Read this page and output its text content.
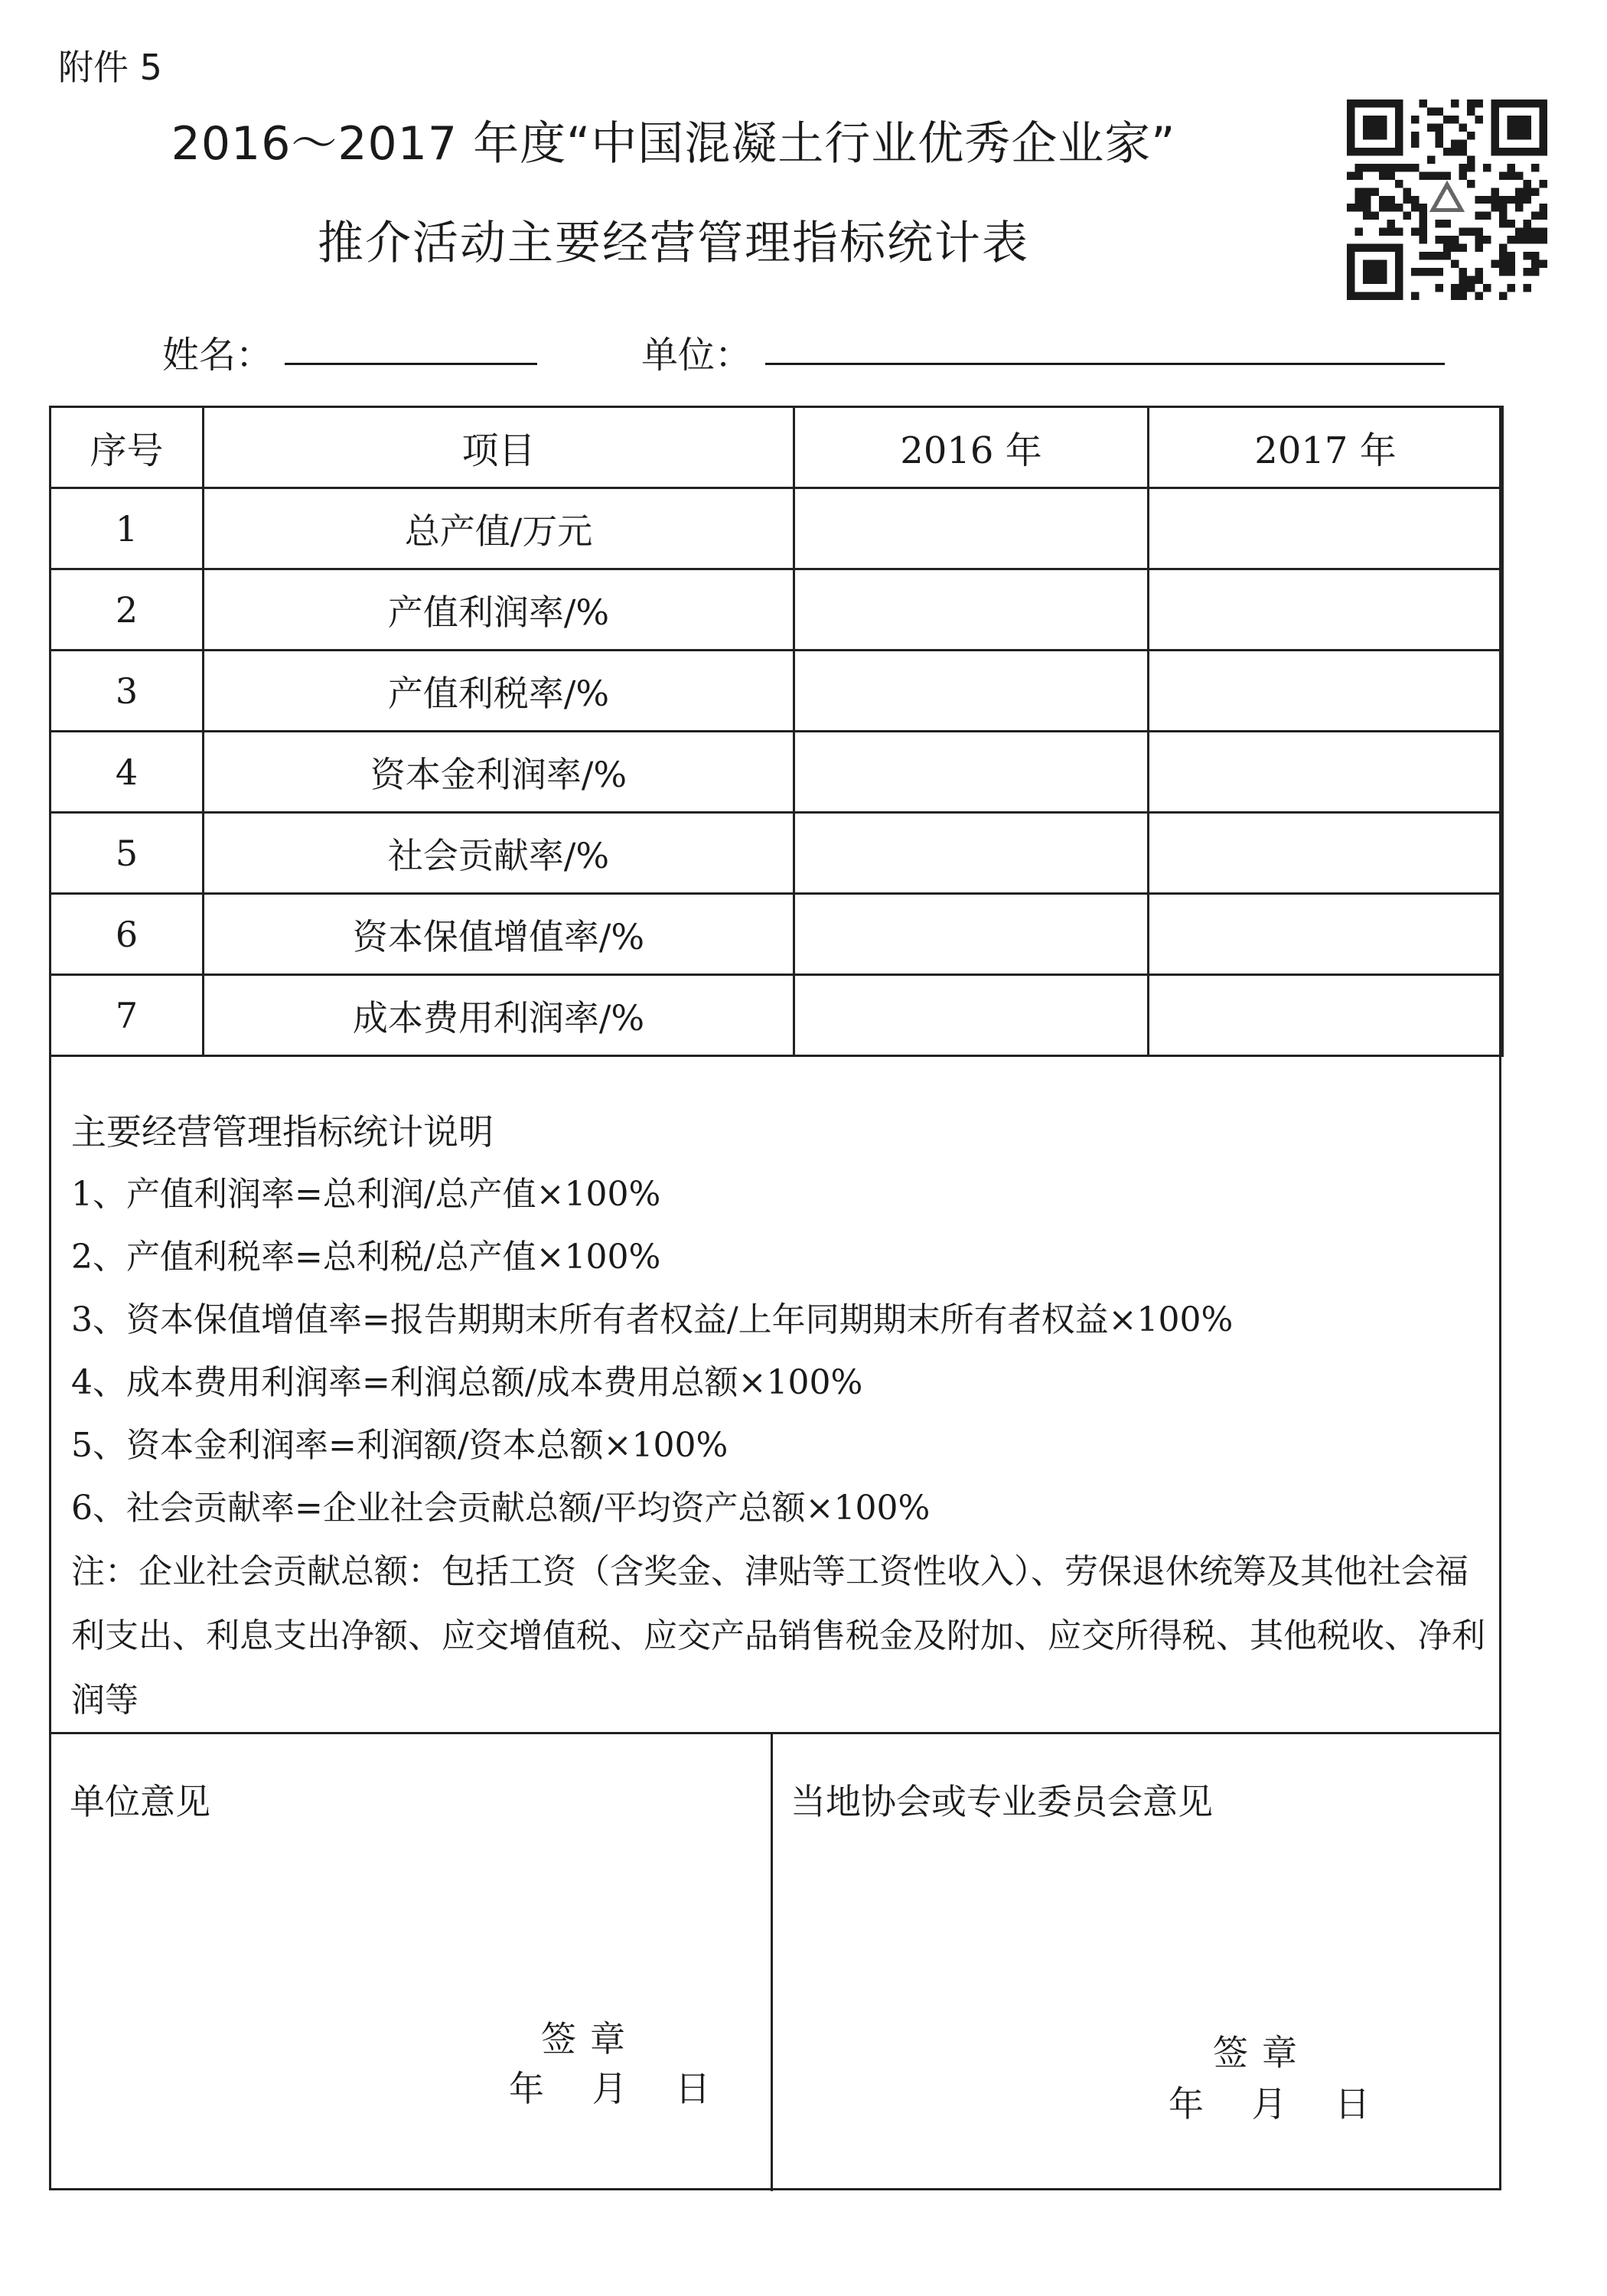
附件 5
2016～2017 年度“中国混凝土行业优秀企业家”
推介活动主要经营管理指标统计表
姓名：	单位：
序号	项目	2016 年	2017 年
1	总产值/万元		
2	产值利润率/%		
3	产值利税率/%		
4	资本金利润率/%		
5	社会贡献率/%		
6	资本保值增值率/%		
7	成本费用利润率/%		
主要经营管理指标统计说明
1、产值利润率=总利润/总产值×100%
2、产值利税率=总利税/总产值×100%
3、资本保值增值率=报告期期末所有者权益/上年同期期末所有者权益×100%
4、成本费用利润率=利润总额/成本费用总额×100%
5、资本金利润率=利润额/资本总额×100%
6、社会贡献率=企业社会贡献总额/平均资产总额×100%
注：企业社会贡献总额：包括工资（含奖金、津贴等工资性收入）、劳保退休统筹及其他社会福利支出、利息支出净额、应交增值税、应交产品销售税金及附加、应交所得税、其他税收、净利润等
单位意见	当地协会或专业委员会意见
签章
年 月 日
签章
年 月 日
